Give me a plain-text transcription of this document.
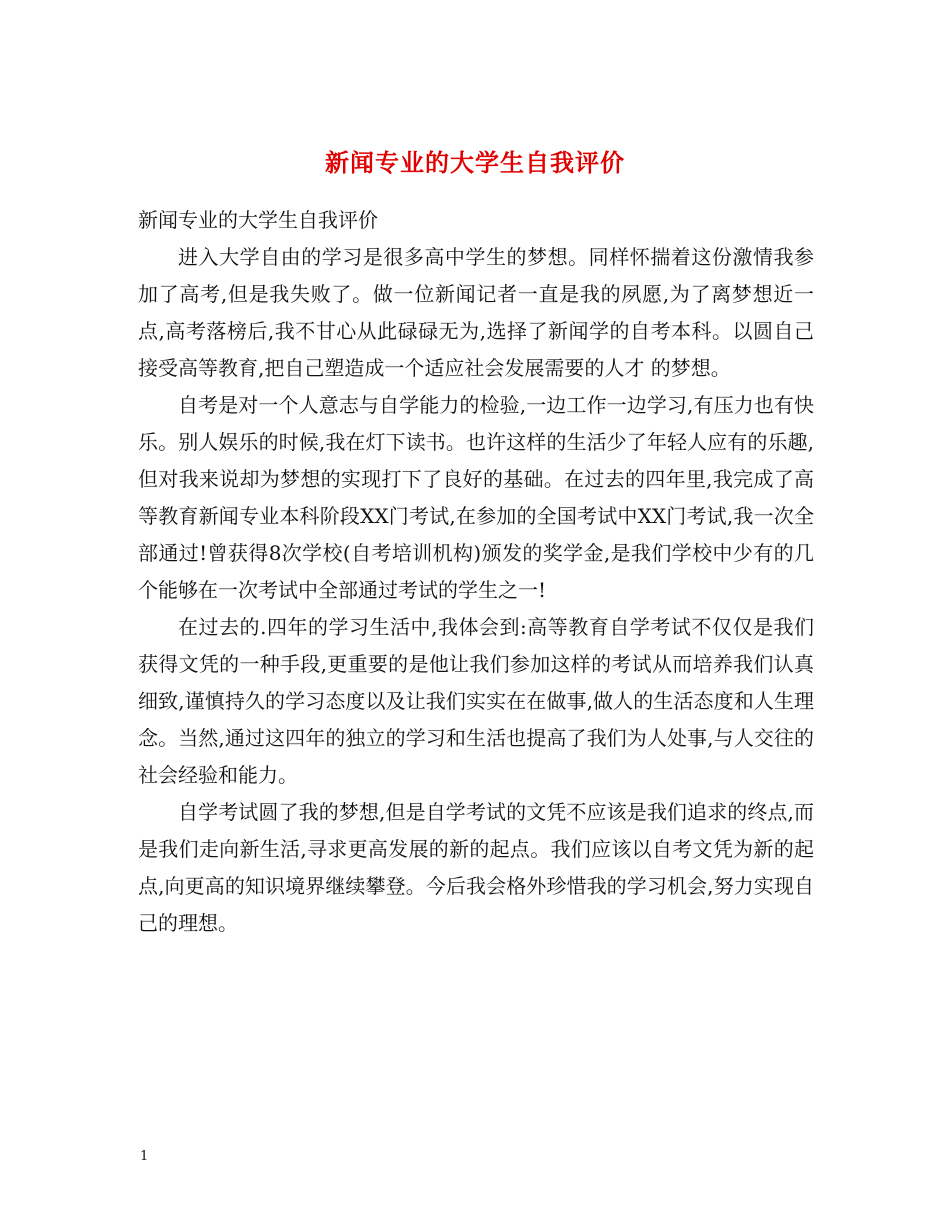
新闻专业的大学生自我评价

新闻专业的大学生自我评价

进入大学自由的学习是很多高中学生的梦想。同样怀揣着这份激情我参加了高考,但是我失败了。做一位新闻记者一直是我的夙愿,为了离梦想近一点,高考落榜后,我不甘心从此碌碌无为,选择了新闻学的自考本科。以圆自己接受高等教育,把自己塑造成一个适应社会发展需要的人才 的梦想。

自考是对一个人意志与自学能力的检验,一边工作一边学习,有压力也有快乐。别人娱乐的时候,我在灯下读书。也许这样的生活少了年轻人应有的乐趣,但对我来说却为梦想的实现打下了良好的基础。在过去的四年里,我完成了高等教育新闻专业本科阶段XX门考试,在参加的全国考试中XX门考试,我一次全部通过!曾获得8次学校(自考培训机构)颁发的奖学金,是我们学校中少有的几个能够在一次考试中全部通过考试的学生之一!

在过去的.四年的学习生活中,我体会到:高等教育自学考试不仅仅是我们获得文凭的一种手段,更重要的是他让我们参加这样的考试从而培养我们认真细致,谨慎持久的学习态度以及让我们实实在在做事,做人的生活态度和人生理念。当然,通过这四年的独立的学习和生活也提高了我们为人处事,与人交往的社会经验和能力。

自学考试圆了我的梦想,但是自学考试的文凭不应该是我们追求的终点,而是我们走向新生活,寻求更高发展的新的起点。我们应该以自考文凭为新的起点,向更高的知识境界继续攀登。今后我会格外珍惜我的学习机会,努力实现自己的理想。

1
